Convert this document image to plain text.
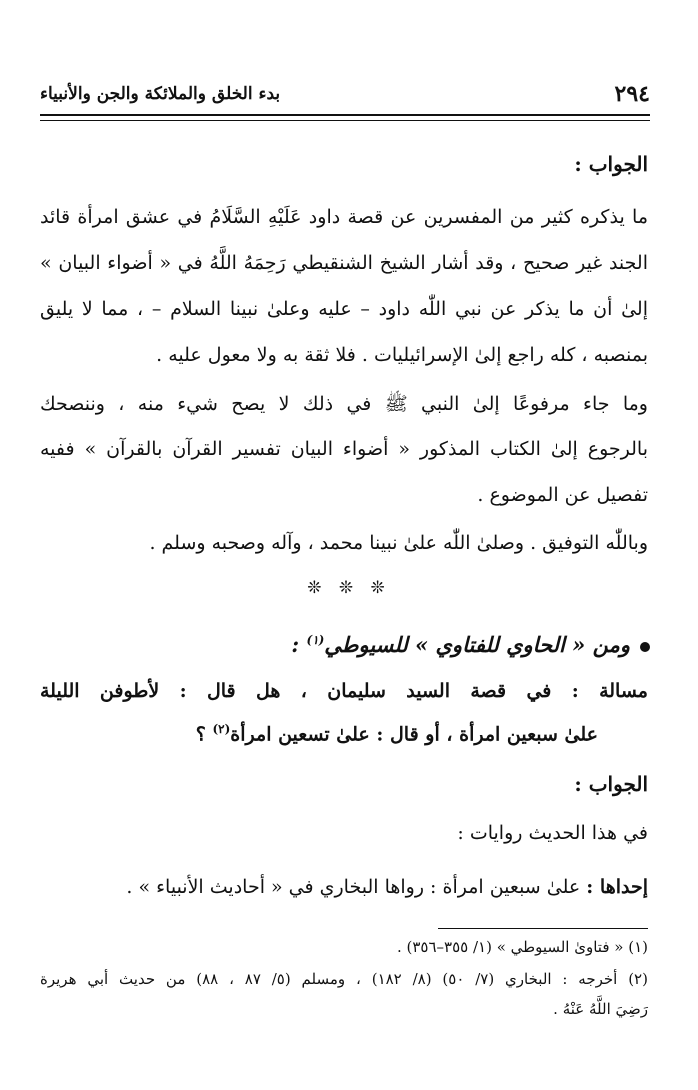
٢٩٤
بدء الخلق والملائكة والجن والأنبياء
الجواب :
ما يذكره كثير من المفسرين عن قصة داود عَلَيْهِ السَّلَامُ في عشق امرأة قائد
الجند غير صحيح ، وقد أشار الشيخ الشنقيطي رَحِمَهُ اللَّهُ في « أضواء البيان »
إلىٰ أن ما يذكر عن نبي اللّٰه داود – عليه وعلىٰ نبينا السلام – ، مما لا يليق
بمنصبه ، كله راجع إلىٰ الإسرائيليات . فلا ثقة به ولا معول عليه .
وما جاء مرفوعًا إلىٰ النبي ﷺ في ذلك لا يصح شيء منه ، وننصحك
بالرجوع إلىٰ الكتاب المذكور « أضواء البيان تفسير القرآن بالقرآن » ففيه
تفصيل عن الموضوع .
وباللّٰه التوفيق . وصلىٰ اللّٰه علىٰ نبينا محمد ، وآله وصحبه وسلم .
❊ ❊ ❊
ومن « الحاوي للفتاوي » للسيوطي$^{(١)}$ :
مسالة : في قصة السيد سليمان ، هل قال : لأطوفن الليلة
علىٰ سبعين امرأة ، أو قال : علىٰ تسعين امرأة$^{(٢)}$ ؟
الجواب :
في هذا الحديث روايات :
إحداها : علىٰ سبعين امرأة : رواها البخاري في « أحاديث الأنبياء » .
(١) « فتاوىٰ السيوطي » (١/ ٣٥٥–٣٥٦) .
(٢) أخرجه : البخاري (٧/ ٥٠) (٨/ ١٨٢) ، ومسلم (٥/ ٨٧ ، ٨٨) من حديث أبي هريرة
رَضِيَ اللَّهُ عَنْهُ .
